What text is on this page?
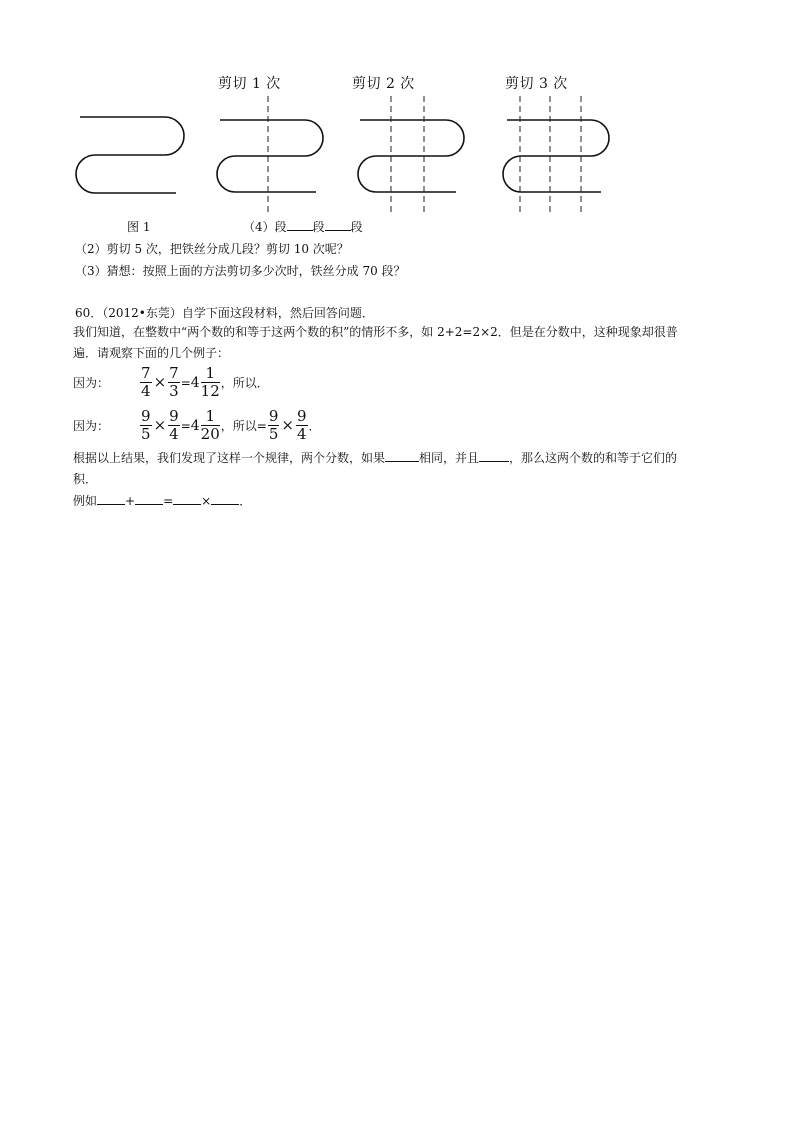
剪切 1 次	剪切 2 次	剪切 3 次
图 1	（4）段 段 段
（2）剪切 5 次，把铁丝分成几段？剪切 10 次呢？
（3）猜想：按照上面的方法剪切多少次时，铁丝分成 70 段？
60．（2012•东莞）自学下面这段材料，然后回答问题．
我们知道，在整数中“两个数的和等于这两个数的积”的情形不多，如 2+2=2×2．但是在分数中，这种现象却很普
遍．请观察下面的几个例子：
因为： $\frac{7}{4} \times \frac{7}{3} = 4 \frac{1}{12}$ ，所以．
因为： $\frac{9}{5} \times \frac{9}{4} = 4 \frac{1}{20}$ ，所以= $\frac{9}{5} \times \frac{9}{4}$ ．
根据以上结果，我们发现了这样一个规律，两个分数，如果	相同，并且	，那么这两个数的和等于它们的
积．
例如 + = × ．
